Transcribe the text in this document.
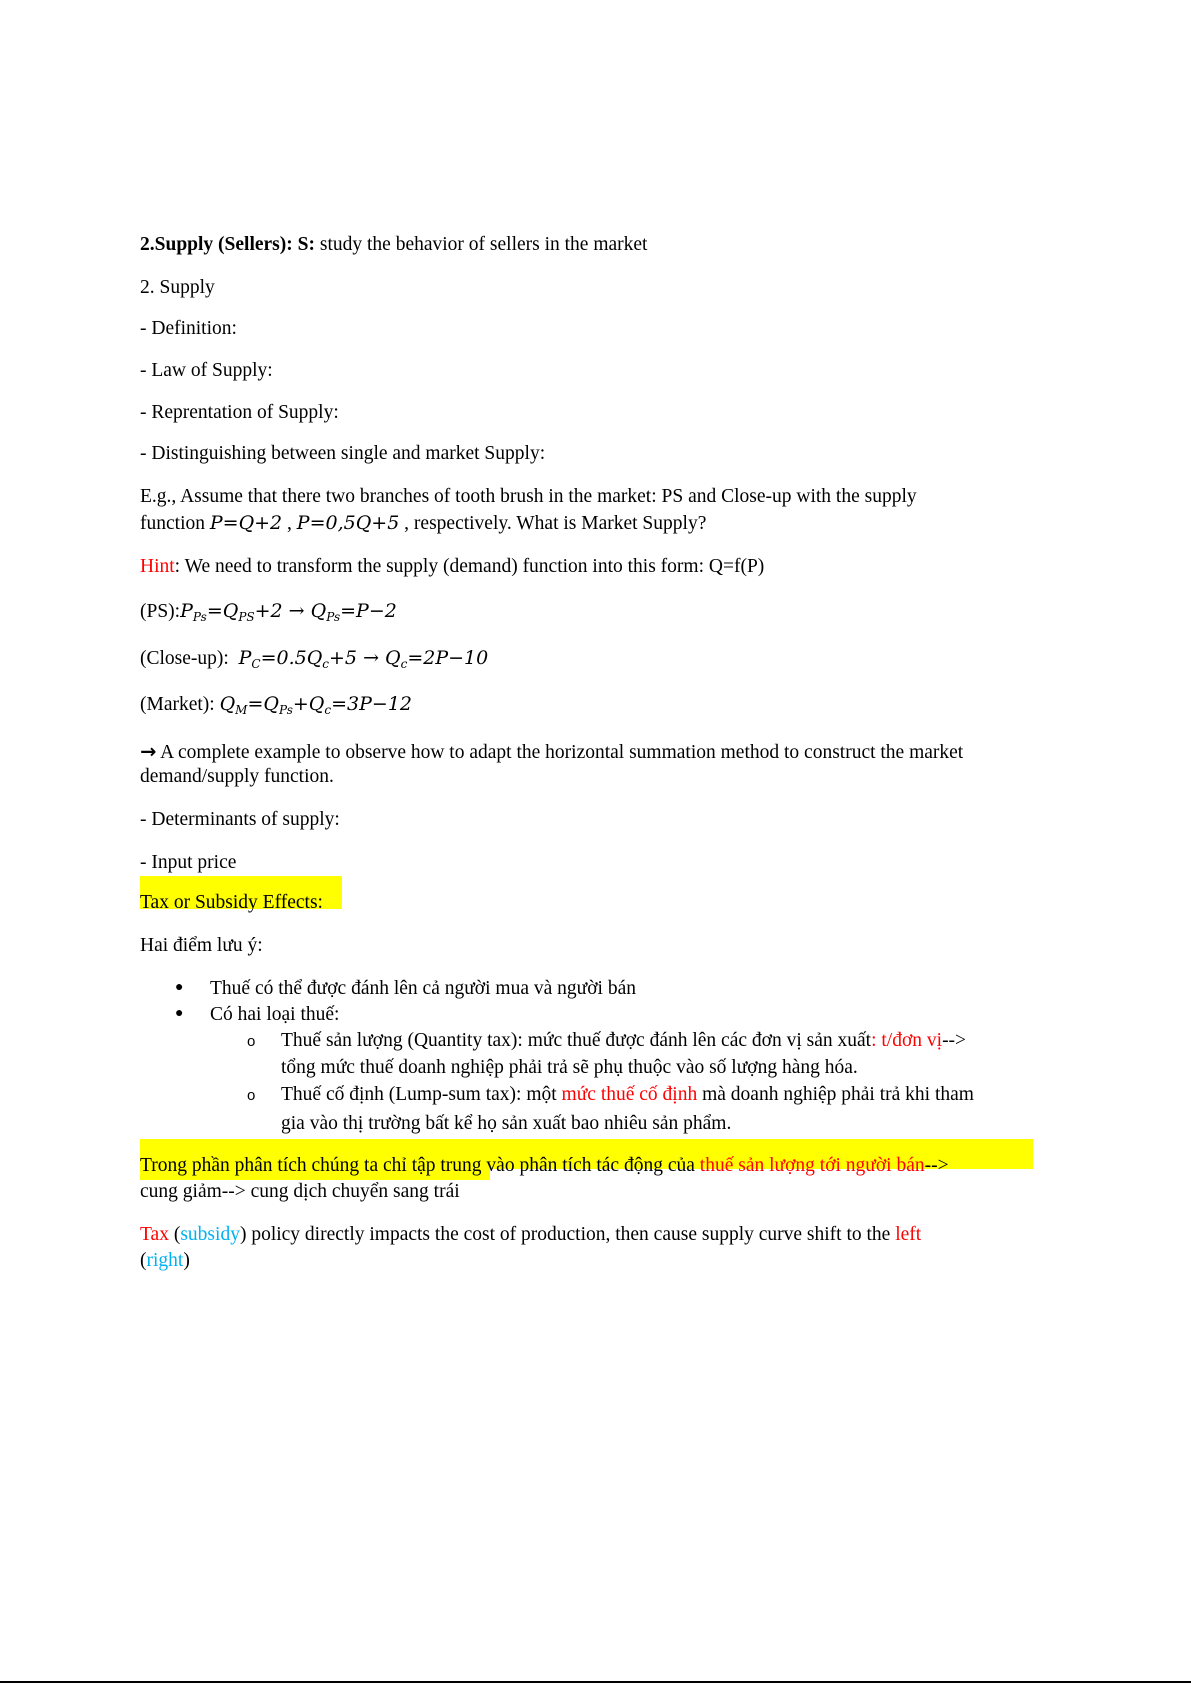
2.Supply (Sellers): S: study the behavior of sellers in the market

2. Supply

- Definition:

- Law of Supply:

- Reprentation of Supply:

- Distinguishing between single and market Supply:

E.g., Assume that there two branches of tooth brush in the market: PS and Close-up with the supply

function P=Q+2 , P=0,5Q+5 , respectively. What is Market Supply?

Hint: We need to transform the supply (demand) function into this form: Q=f(P)

$(PS):P_{Ps}=Q_{PS}+2 \to Q_{Ps}=P-2$

(Close-up):  $P_C=0.5Q_c+5 \to Q_c=2P-10$

(Market): $Q_M=Q_{Ps}+Q_c=3P-12$

→ A complete example to observe how to adapt the horizontal summation method to construct the market

demand/supply function.

- Determinants of supply:

- Input price

Tax or Subsidy Effects:

Hai điểm lưu ý:

● Thuế có thể được đánh lên cả người mua và người bán
● Có hai loại thuế:
o Thuế sản lượng (Quantity tax): mức thuế được đánh lên các đơn vị sản xuất: t/đơn vị-->
tổng mức thuế doanh nghiệp phải trả sẽ phụ thuộc vào số lượng hàng hóa.
o Thuế cố định (Lump-sum tax): một mức thuế cố định mà doanh nghiệp phải trả khi tham
gia vào thị trường bất kể họ sản xuất bao nhiêu sản phẩm.

Trong phần phân tích chúng ta chỉ tập trung vào phân tích tác động của thuế sản lượng tới người bán-->

cung giảm--> cung dịch chuyển sang trái

Tax (subsidy) policy directly impacts the cost of production, then cause supply curve shift to the left

(right)
